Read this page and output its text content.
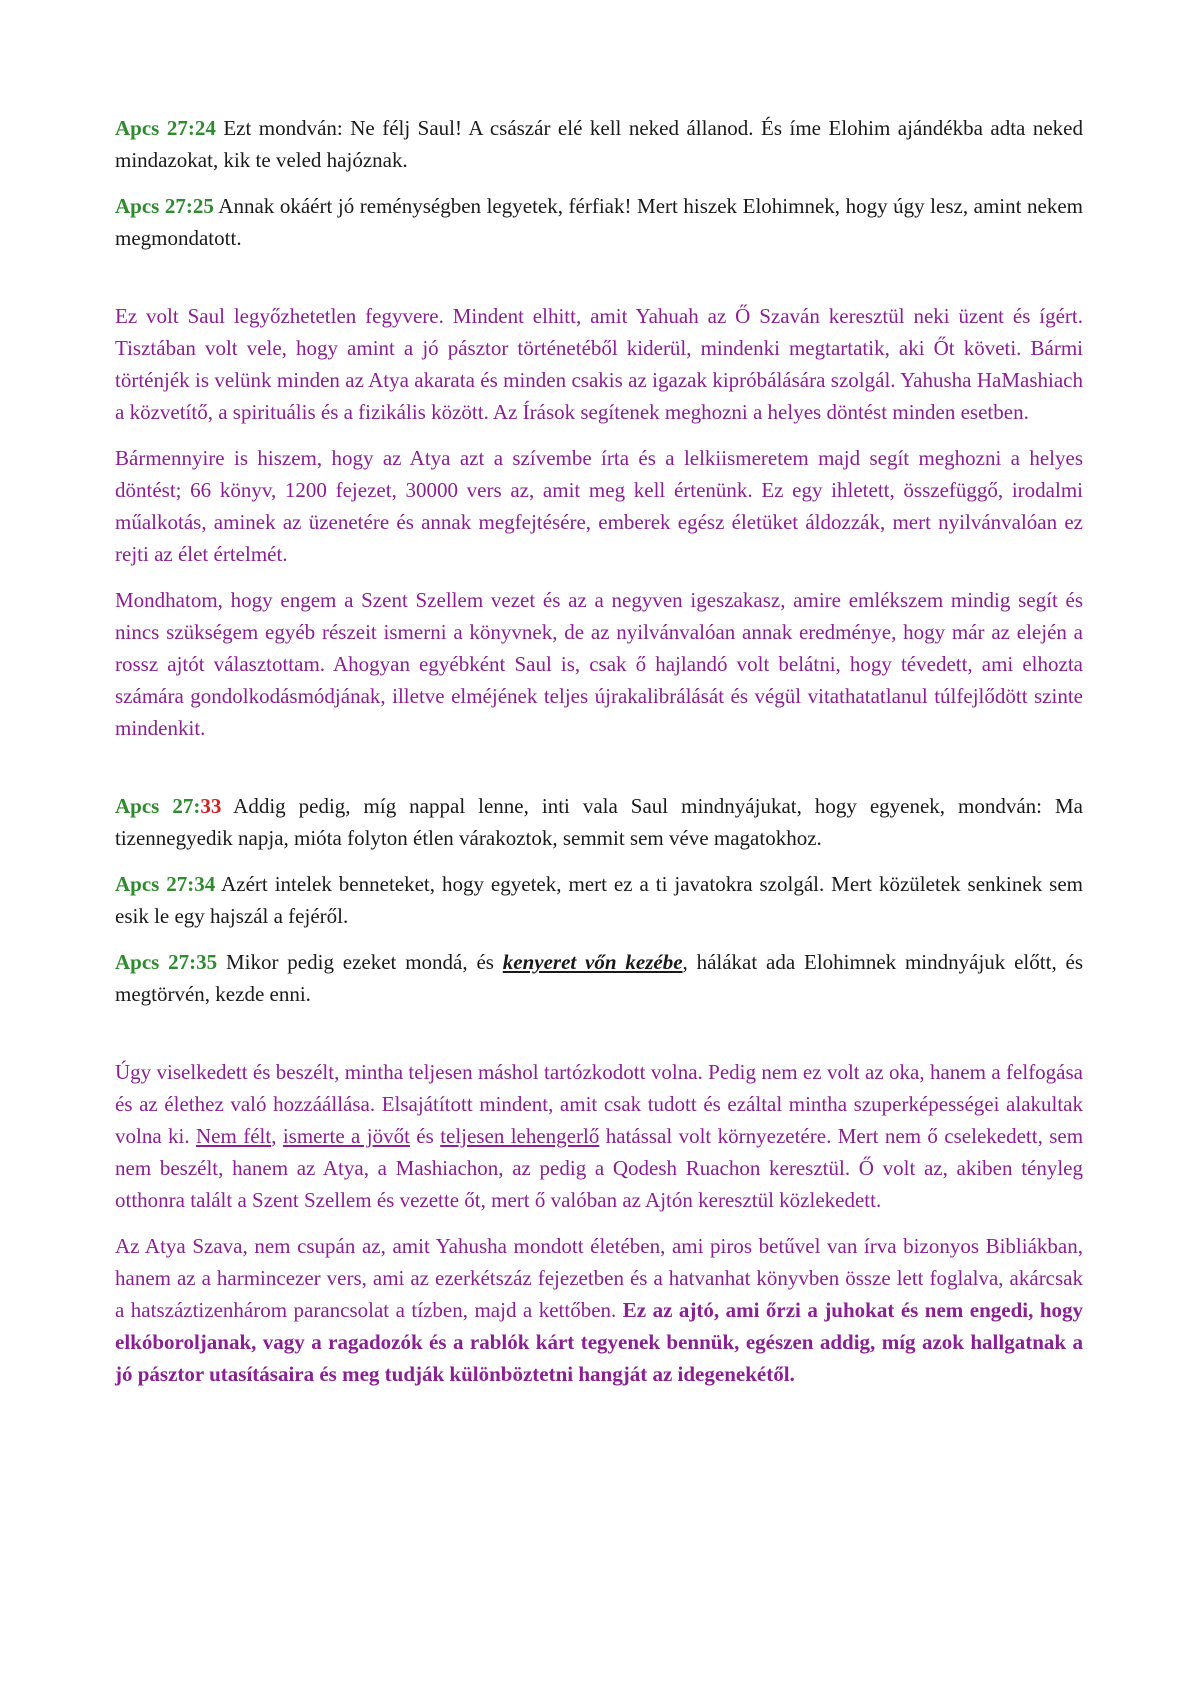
Apcs 27:24 Ezt mondván: Ne félj Saul! A császár elé kell neked állanod. És íme Elohim ajándékba adta neked mindazokat, kik te veled hajóznak.

Apcs 27:25 Annak okáért jó reménységben legyetek, férfiak! Mert hiszek Elohimnek, hogy úgy lesz, amint nekem megmondatott.

Ez volt Saul legyőzhetetlen fegyvere. Mindent elhitt, amit Yahuah az Ő Szaván keresztül neki üzent és ígért. Tisztában volt vele, hogy amint a jó pásztor történetéből kiderül, mindenki megtartatik, aki Őt követi. Bármi történjék is velünk minden az Atya akarata és minden csakis az igazak kipróbálására szolgál. Yahusha HaMashiach a közvetítő, a spirituális és a fizikális között. Az Írások segítenek meghozni a helyes döntést minden esetben.

Bármennyire is hiszem, hogy az Atya azt a szívembe írta és a lelkiismeretem majd segít meghozni a helyes döntést; 66 könyv, 1200 fejezet, 30000 vers az, amit meg kell értenünk. Ez egy ihletett, összefüggő, irodalmi műalkotás, aminek az üzenetére és annak megfejtésére, emberek egész életüket áldozzák, mert nyilvánvalóan ez rejti az élet értelmét.

Mondhatom, hogy engem a Szent Szellem vezet és az a negyven igeszakasz, amire emlékszem mindig segít és nincs szükségem egyéb részeit ismerni a könyvnek, de az nyilvánvalóan annak eredménye, hogy már az elején a rossz ajtót választottam. Ahogyan egyébként Saul is, csak ő hajlandó volt belátni, hogy tévedett, ami elhozta számára gondolkodásmódjának, illetve elméjének teljes újrakalibrálását és végül vitathatatlanul túlfejlődött szinte mindenkit.

Apcs 27:33 Addig pedig, míg nappal lenne, inti vala Saul mindnyájukat, hogy egyenek, mondván: Ma tizennegyedik napja, mióta folyton étlen várakoztok, semmit sem véve magatokhoz.

Apcs 27:34 Azért intelek benneteket, hogy egyetek, mert ez a ti javatokra szolgál. Mert közületek senkinek sem esik le egy hajszál a fejéről.

Apcs 27:35 Mikor pedig ezeket mondá, és kenyeret vőn kezébe, hálákat ada Elohimnek mindnyájuk előtt, és megtörvén, kezde enni.

Úgy viselkedett és beszélt, mintha teljesen máshol tartózkodott volna. Pedig nem ez volt az oka, hanem a felfogása és az élethez való hozzáállása. Elsajátított mindent, amit csak tudott és ezáltal mintha szuperképességei alakultak volna ki. Nem félt, ismerte a jövőt és teljesen lehengerlő hatással volt környezetére. Mert nem ő cselekedett, sem nem beszélt, hanem az Atya, a Mashiachon, az pedig a Qodesh Ruachon keresztül. Ő volt az, akiben tényleg otthonra talált a Szent Szellem és vezette őt, mert ő valóban az Ajtón keresztül közlekedett.

Az Atya Szava, nem csupán az, amit Yahusha mondott életében, ami piros betűvel van írva bizonyos Bibliákban, hanem az a harmincezer vers, ami az ezerkétszáz fejezetben és a hatvanhat könyvben össze lett foglalva, akárcsak a hatszáztizenhárom parancsolat a tízben, majd a kettőben. Ez az ajtó, ami őrzi a juhokat és nem engedi, hogy elkóboroljanak, vagy a ragadozók és a rablók kárt tegyenek bennük, egészen addig, míg azok hallgatnak a jó pásztor utasításaira és meg tudják különböztetni hangját az idegenekétől.
